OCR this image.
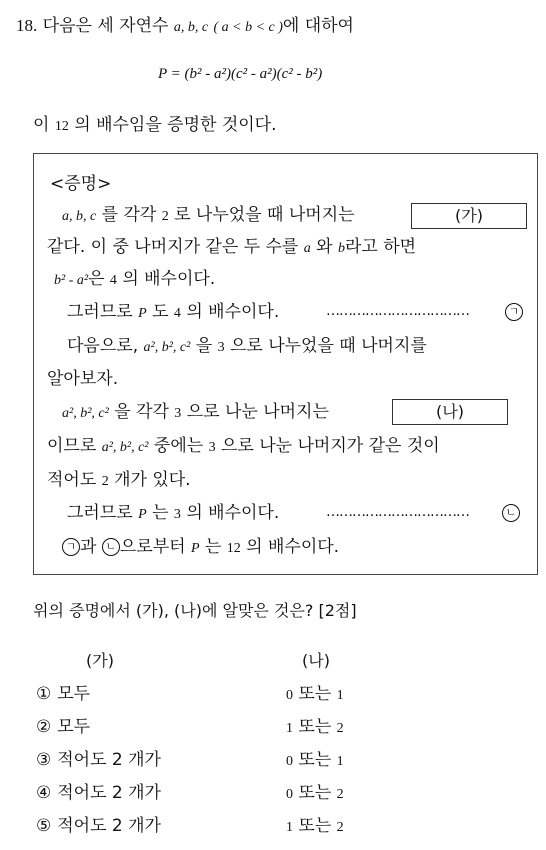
18. 다음은 세 자연수 a, b, c ( a < b < c )에 대하여
P = (b² - a²)(c² - a²)(c² - b²)
이 12 의 배수임을 증명한 것이다.
<증명>
a, b, c 를 각각 2 로 나누었을 때 나머지는	(가)
같다. 이 중 나머지가 같은 두 수를 a 와 b라고 하면
b² - a²은 4 의 배수이다.
그러므로 P 도 4 의 배수이다.	……………………………	ㄱ
다음으로, a², b², c² 을 3 으로 나누었을 때 나머지를
알아보자.
a², b², c² 을 각각 3 으로 나눈 나머지는	(나)
이므로 a², b², c² 중에는 3 으로 나눈 나머지가 같은 것이
적어도 2 개가 있다.
그러므로 P 는 3 의 배수이다.	……………………………	ㄴ
ㄱ 과 ㄴ 으로부터 P 는 12 의 배수이다.
위의 증명에서 (가), (나)에 알맞은 것은? [2점]
(가)	(나)
① 모두	0 또는 1
② 모두	1 또는 2
③ 적어도 2 개가	0 또는 1
④ 적어도 2 개가	0 또는 2
⑤ 적어도 2 개가	1 또는 2
